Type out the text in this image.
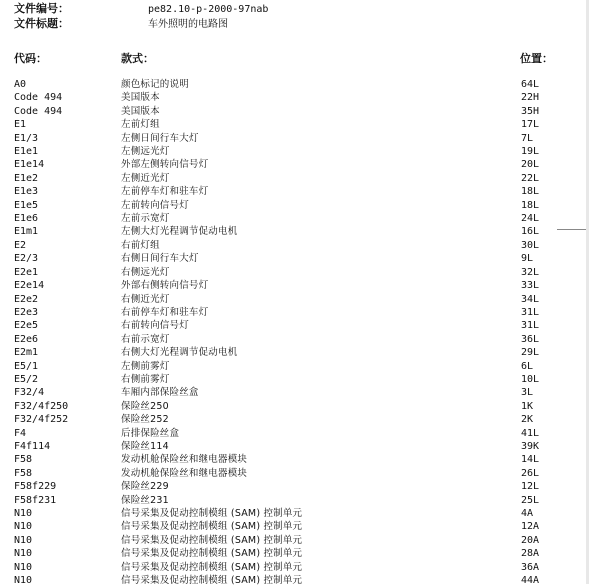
文件编号：	pe82.10-p-2000-97nab
文件标题：	车外照明的电路图
代码：	款式：	位置：
A0	颜色标记的说明	64L
Code 494	美国版本	22H
Code 494	美国版本	35H
E1	左前灯组	17L
E1/3	左侧日间行车大灯	7L
E1e1	左侧远光灯	19L
E1e14	外部左侧转向信号灯	20L
E1e2	左侧近光灯	22L
E1e3	左前停车灯和驻车灯	18L
E1e5	左前转向信号灯	18L
E1e6	左前示宽灯	24L
E1m1	左侧大灯光程调节促动电机	16L
E2	右前灯组	30L
E2/3	右侧日间行车大灯	9L
E2e1	右侧远光灯	32L
E2e14	外部右侧转向信号灯	33L
E2e2	右侧近光灯	34L
E2e3	右前停车灯和驻车灯	31L
E2e5	右前转向信号灯	31L
E2e6	右前示宽灯	36L
E2m1	右侧大灯光程调节促动电机	29L
E5/1	左侧前雾灯	6L
E5/2	右侧前雾灯	10L
F32/4	车厢内部保险丝盒	3L
F32/4f250	保险丝250	1K
F32/4f252	保险丝252	2K
F4	后排保险丝盒	41L
F4f114	保险丝114	39K
F58	发动机舱保险丝和继电器模块	14L
F58	发动机舱保险丝和继电器模块	26L
F58f229	保险丝229	12L
F58f231	保险丝231	25L
N10	信号采集及促动控制模组 (SAM) 控制单元	4A
N10	信号采集及促动控制模组 (SAM) 控制单元	12A
N10	信号采集及促动控制模组 (SAM) 控制单元	20A
N10	信号采集及促动控制模组 (SAM) 控制单元	28A
N10	信号采集及促动控制模组 (SAM) 控制单元	36A
N10	信号采集及促动控制模组 (SAM) 控制单元	44A
